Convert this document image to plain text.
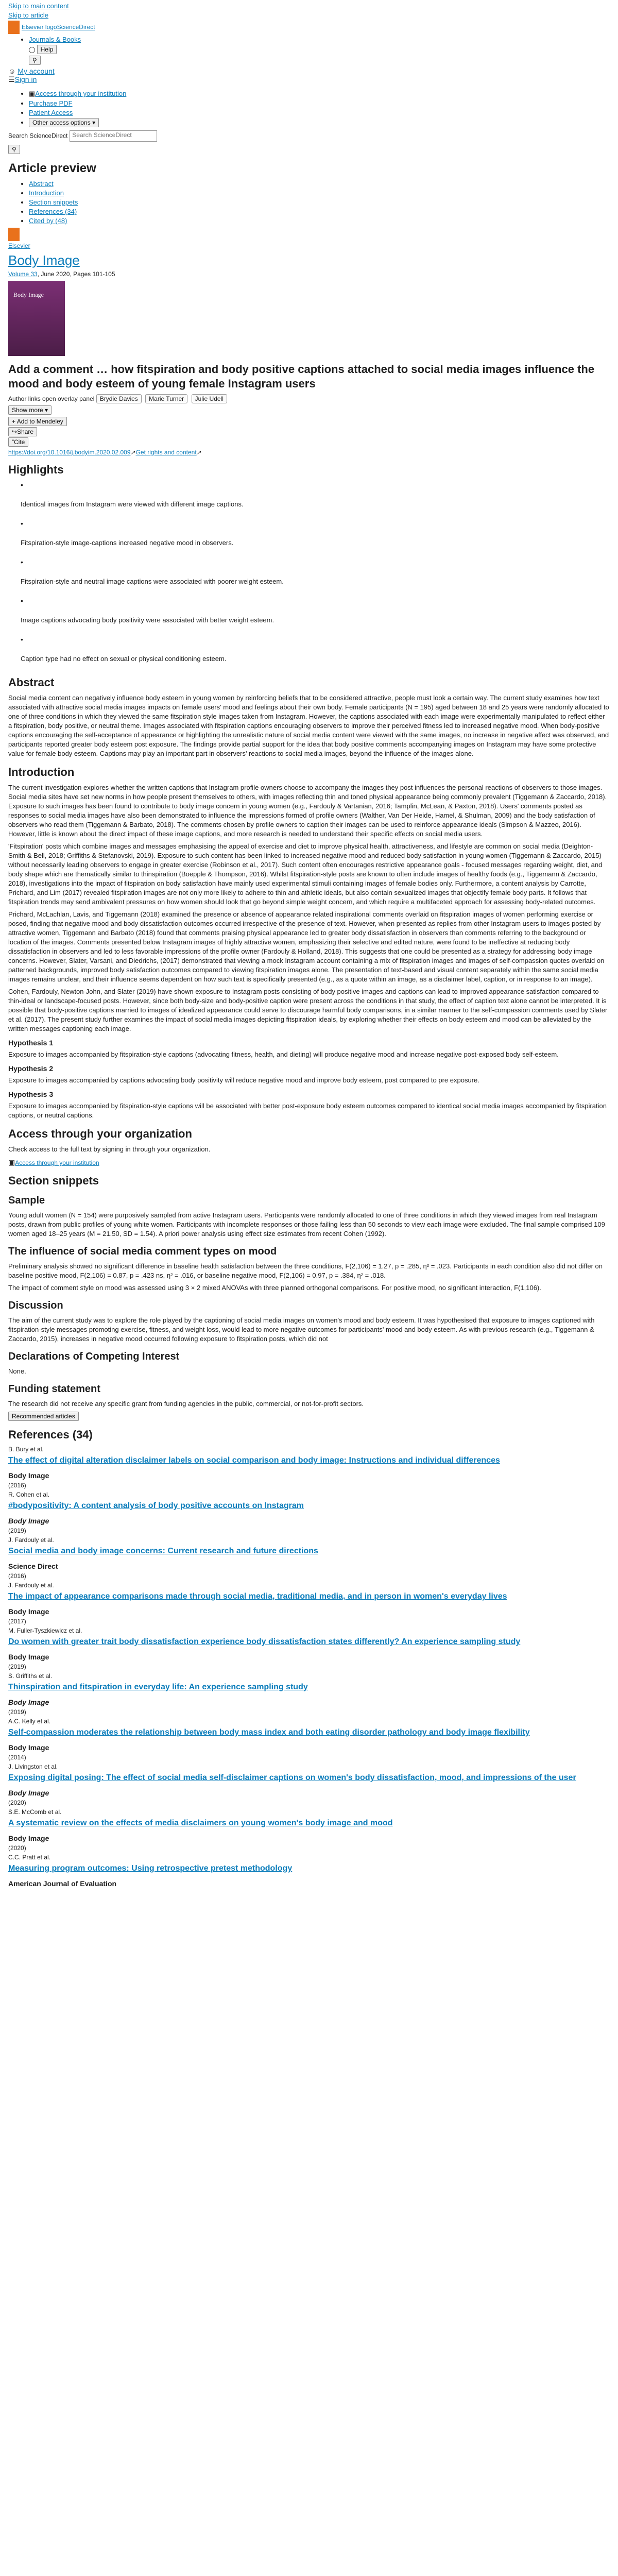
Skip to main content
Skip to article
Elsevier logoScienceDirect
• Journals & Books
Help
⚲
☺ My account
☰Sign in
• ▣Access through your institution
• Purchase PDF
• Patient Access
• Other access options ▾
Search ScienceDirect Search ScienceDirect
⚲
Article preview
• Abstract
• Introduction
• Section snippets
• References (34)
• Cited by (48)

Elsevier
Body Image
Volume 33, June 2020, Pages 101-105
Body Image
Add a comment … how fitspiration and body positive captions attached to social media images influence the mood and body esteem of young female Instagram users
Author links open overlay panel Brydie Davies Marie Turner Julie Udell
Show more ▾
+ Add to Mendeley
↪Share
”Cite
https://doi.org/10.1016/j.bodyim.2020.02.009↗Get rights and content↗
Highlights
•
Identical images from Instagram were viewed with different image captions.
•
Fitspiration-style image-captions increased negative mood in observers.
•
Fitspiration-style and neutral image captions were associated with poorer weight esteem.
•
Image captions advocating body positivity were associated with better weight esteem.
•
Caption type had no effect on sexual or physical conditioning esteem.
Abstract

Social media content can negatively influence body esteem in young women by reinforcing beliefs that to be considered attractive, people must look a certain way. The current study examines how text associated with attractive social media images impacts on female users' mood and feelings about their own body. Female participants (N = 195) aged between 18 and 25 years were randomly allocated to one of three conditions in which they viewed the same fitspiration style images taken from Instagram. However, the captions associated with each image were experimentally manipulated to reflect either a fitspiration, body positive, or neutral theme. Images associated with fitspiration captions encouraging observers to improve their perceived fitness led to increased negative mood. When body-positive captions encouraging the self-acceptance of appearance or highlighting the unrealistic nature of social media content were viewed with the same images, no increase in negative affect was observed, and participants reported greater body esteem post exposure. The findings provide partial support for the idea that body positive comments accompanying images on Instagram may have some protective value for female body esteem. Captions may play an important part in observers' reactions to social media images, beyond the influence of the images alone.

Introduction

The current investigation explores whether the written captions that Instagram profile owners choose to accompany the images they post influences the personal reactions of observers to those images. Social media sites have set new norms in how people present themselves to others, with images reflecting thin and toned physical appearance being commonly prevalent (Tiggemann & Zaccardo, 2018). Exposure to such images has been found to contribute to body image concern in young women (e.g., Fardouly & Vartanian, 2016; Tamplin, McLean, & Paxton, 2018). Users' comments posted as responses to social media images have also been demonstrated to influence the impressions formed of profile owners (Walther, Van Der Heide, Hamel, & Shulman, 2009) and the body satisfaction of observers who read them (Tiggemann & Barbato, 2018). The comments chosen by profile owners to caption their images can be used to reinforce appearance ideals (Simpson & Mazzeo, 2016). However, little is known about the direct impact of these image captions, and more research is needed to understand their specific effects on social media users.

'Fitspiration' posts which combine images and messages emphasising the appeal of exercise and diet to improve physical health, attractiveness, and lifestyle are common on social media (Deighton-Smith & Bell, 2018; Griffiths & Stefanovski, 2019). Exposure to such content has been linked to increased negative mood and reduced body satisfaction in young women (Tiggemann & Zaccardo, 2015) without necessarily leading observers to engage in greater exercise (Robinson et al., 2017). Such content often encourages restrictive appearance goals - focused messages regarding weight, diet, and body shape which are thematically similar to thinspiration (Boepple & Thompson, 2016). Whilst fitspiration-style posts are known to often include images of healthy foods (e.g., Tiggemann & Zaccardo, 2018), investigations into the impact of fitspiration on body satisfaction have mainly used experimental stimuli containing images of female bodies only. Furthermore, a content analysis by Carrotte, Prichard, and Lim (2017) revealed fitspiration images are not only more likely to adhere to thin and athletic ideals, but also contain sexualized images that objectify female body parts. It follows that fitspiration trends may send ambivalent pressures on how women should look that go beyond simple weight concern, and which require a multifaceted approach for assessing body-related outcomes.

Prichard, McLachlan, Lavis, and Tiggemann (2018) examined the presence or absence of appearance related inspirational comments overlaid on fitspiration images of women performing exercise or posed, finding that negative mood and body dissatisfaction outcomes occurred irrespective of the presence of text. However, when presented as replies from other Instagram users to images posted by attractive women, Tiggemann and Barbato (2018) found that comments praising physical appearance led to greater body dissatisfaction in observers than comments referring to the background or location of the images. Comments presented below Instagram images of highly attractive women, emphasizing their selective and edited nature, were found to be ineffective at reducing body dissatisfaction in observers and led to less favorable impressions of the profile owner (Fardouly & Holland, 2018). This suggests that one could be presented as a strategy for addressing body image concerns. However, Slater, Varsani, and Diedrichs, (2017) demonstrated that viewing a mock Instagram account containing a mix of fitspiration images and images of self-compassion quotes overlaid on patterned backgrounds, improved body satisfaction outcomes compared to viewing fitspiration images alone. The presentation of text-based and visual content separately within the same social media images remains unclear, and their influence seems dependent on how such text is specifically presented (e.g., as a quote within an image, as a disclaimer label, caption, or in response to an image).

Cohen, Fardouly, Newton-John, and Slater (2019) have shown exposure to Instagram posts consisting of body positive images and captions can lead to improved appearance satisfaction compared to thin-ideal or landscape-focused posts. However, since both body-size and body-positive caption were present across the conditions in that study, the effect of caption text alone cannot be interpreted. It is possible that body-positive captions married to images of idealized appearance could serve to discourage harmful body comparisons, in a similar manner to the self-compassion comments used by Slater et al. (2017). The present study further examines the impact of social media images depicting fitspiration ideals, by exploring whether their effects on body esteem and mood can be alleviated by the written messages captioning each image.

Hypothesis 1

Exposure to images accompanied by fitspiration-style captions (advocating fitness, health, and dieting) will produce negative mood and increase negative post-exposed body self-esteem.

Hypothesis 2

Exposure to images accompanied by captions advocating body positivity will reduce negative mood and improve body esteem, post compared to pre exposure.

Hypothesis 3

Exposure to images accompanied by fitspiration-style captions will be associated with better post-exposure body esteem outcomes compared to identical social media images accompanied by fitspiration captions, or neutral captions.

Access through your organization

Check access to the full text by signing in through your organization.

▣Access through your institution
Section snippets
Sample

Young adult women (N = 154) were purposively sampled from active Instagram users. Participants were randomly allocated to one of three conditions in which they viewed images from real Instagram posts, drawn from public profiles of young white women. Participants with incomplete responses or those failing less than 50 seconds to view each image were excluded. The final sample comprised 109 women aged 18–25 years (M = 21.50, SD = 1.54). A priori power analysis using effect size estimates from recent Cohen (1992).

The influence of social media comment types on mood

Preliminary analysis showed no significant difference in baseline health satisfaction between the three conditions, F(2,106) = 1.27, p = .285, η² = .023. Participants in each condition also did not differ on baseline positive mood, F(2,106) = 0.87, p = .423 ns, η² = .016, or baseline negative mood, F(2,106) = 0.97, p = .384, η² = .018.

The impact of comment style on mood was assessed using 3 × 2 mixed ANOVAs with three planned orthogonal comparisons. For positive mood, no significant interaction, F(1,106).

Discussion

The aim of the current study was to explore the role played by the captioning of social media images on women's mood and body esteem. It was hypothesised that exposure to images captioned with fitspiration-style messages promoting exercise, fitness, and weight loss, would lead to more negative outcomes for participants' mood and body esteem. As with previous research (e.g., Tiggemann & Zaccardo, 2015), increases in negative mood occurred following exposure to fitspiration posts, which did not

Declarations of Competing Interest

None.

Funding statement

The research did not receive any specific grant from funding agencies in the public, commercial, or not-for-profit sectors.

Recommended articles
References (34)
B. Bury et al.
The effect of digital alteration disclaimer labels on social comparison and body image: Instructions and individual differences
Body Image
(2016)
R. Cohen et al.
#bodypositivity: A content analysis of body positive accounts on Instagram
Body Image
(2019)
J. Fardouly et al.
Social media and body image concerns: Current research and future directions
Science Direct
(2016)
J. Fardouly et al.
The impact of appearance comparisons made through social media, traditional media, and in person in women's everyday lives
Body Image
(2017)
M. Fuller-Tyszkiewicz et al.
Do women with greater trait body dissatisfaction experience body dissatisfaction states differently? An experience sampling study
Body Image
(2019)
S. Griffiths et al.
Thinspiration and fitspiration in everyday life: An experience sampling study
Body Image
(2019)
A.C. Kelly et al.
Self-compassion moderates the relationship between body mass index and both eating disorder pathology and body image flexibility
Body Image
(2014)
J. Livingston et al.
Exposing digital posing: The effect of social media self-disclaimer captions on women's body dissatisfaction, mood, and impressions of the user
Body Image
(2020)
S.E. McComb et al.
A systematic review on the effects of media disclaimers on young women's body image and mood
Body Image
(2020)
C.C. Pratt et al.
Measuring program outcomes: Using retrospective pretest methodology
American Journal of Evaluation
